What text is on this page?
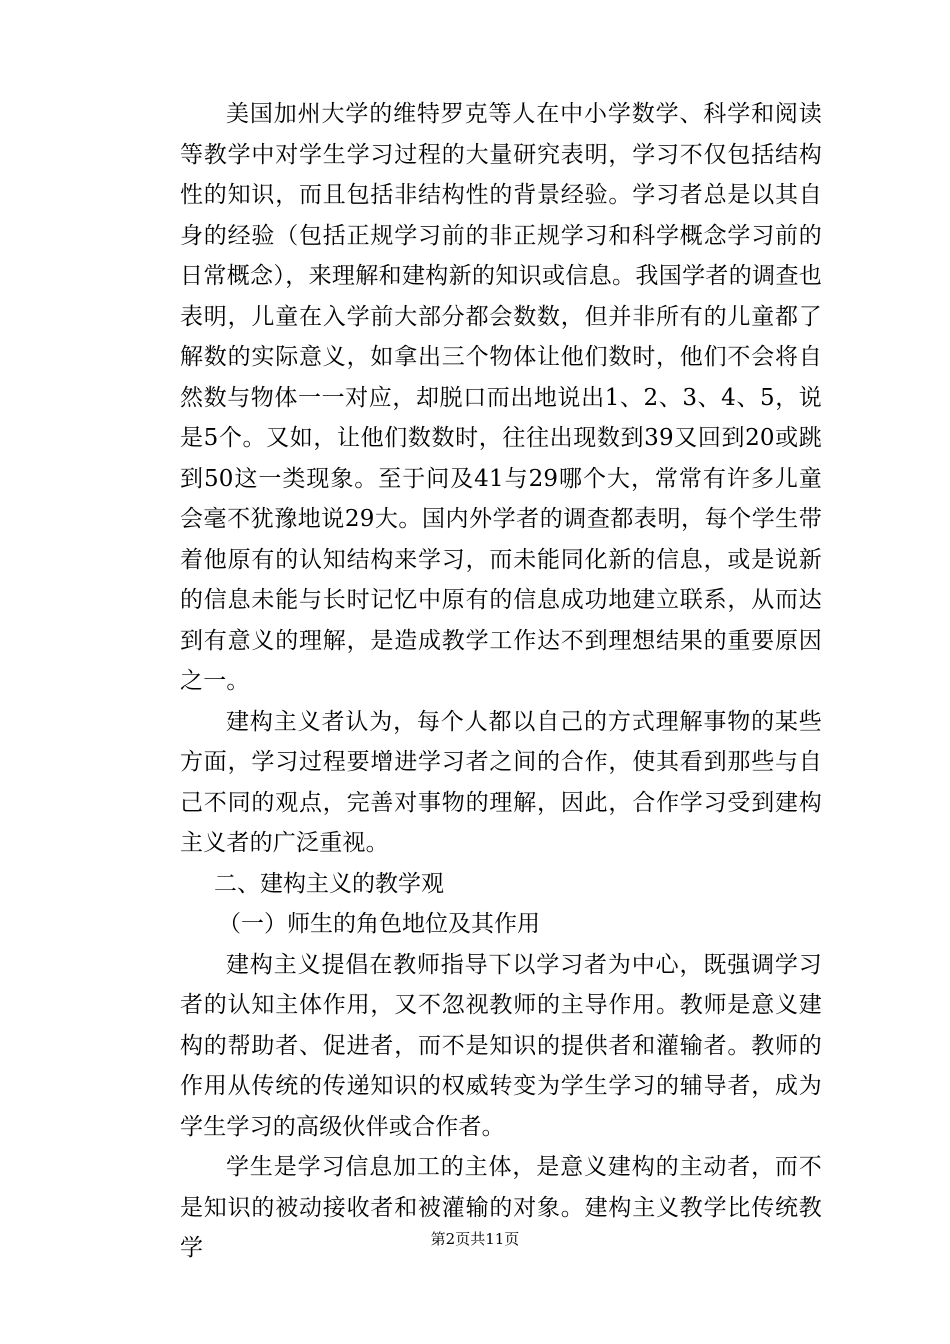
美国加州大学的维特罗克等人在中小学数学、科学和阅读等教学中对学生学习过程的大量研究表明，学习不仅包括结构性的知识，而且包括非结构性的背景经验。学习者总是以其自身的经验（包括正规学习前的非正规学习和科学概念学习前的日常概念），来理解和建构新的知识或信息。我国学者的调查也表明，儿童在入学前大部分都会数数，但并非所有的儿童都了解数的实际意义，如拿出三个物体让他们数时，他们不会将自然数与物体一一对应，却脱口而出地说出1、2、3、4、5，说是5个。又如，让他们数数时，往往出现数到39又回到20或跳到50这一类现象。至于问及41与29哪个大，常常有许多儿童会毫不犹豫地说29大。国内外学者的调查都表明，每个学生带着他原有的认知结构来学习，而未能同化新的信息，或是说新的信息未能与长时记忆中原有的信息成功地建立联系，从而达到有意义的理解，是造成教学工作达不到理想结果的重要原因之一。

建构主义者认为，每个人都以自己的方式理解事物的某些方面，学习过程要增进学习者之间的合作，使其看到那些与自己不同的观点，完善对事物的理解，因此，合作学习受到建构主义者的广泛重视。

二、建构主义的教学观

（一）师生的角色地位及其作用

建构主义提倡在教师指导下以学习者为中心，既强调学习者的认知主体作用，又不忽视教师的主导作用。教师是意义建构的帮助者、促进者，而不是知识的提供者和灌输者。教师的作用从传统的传递知识的权威转变为学生学习的辅导者，成为学生学习的高级伙伴或合作者。

学生是学习信息加工的主体，是意义建构的主动者，而不是知识的被动接收者和被灌输的对象。建构主义教学比传统教学	第2页共11页
